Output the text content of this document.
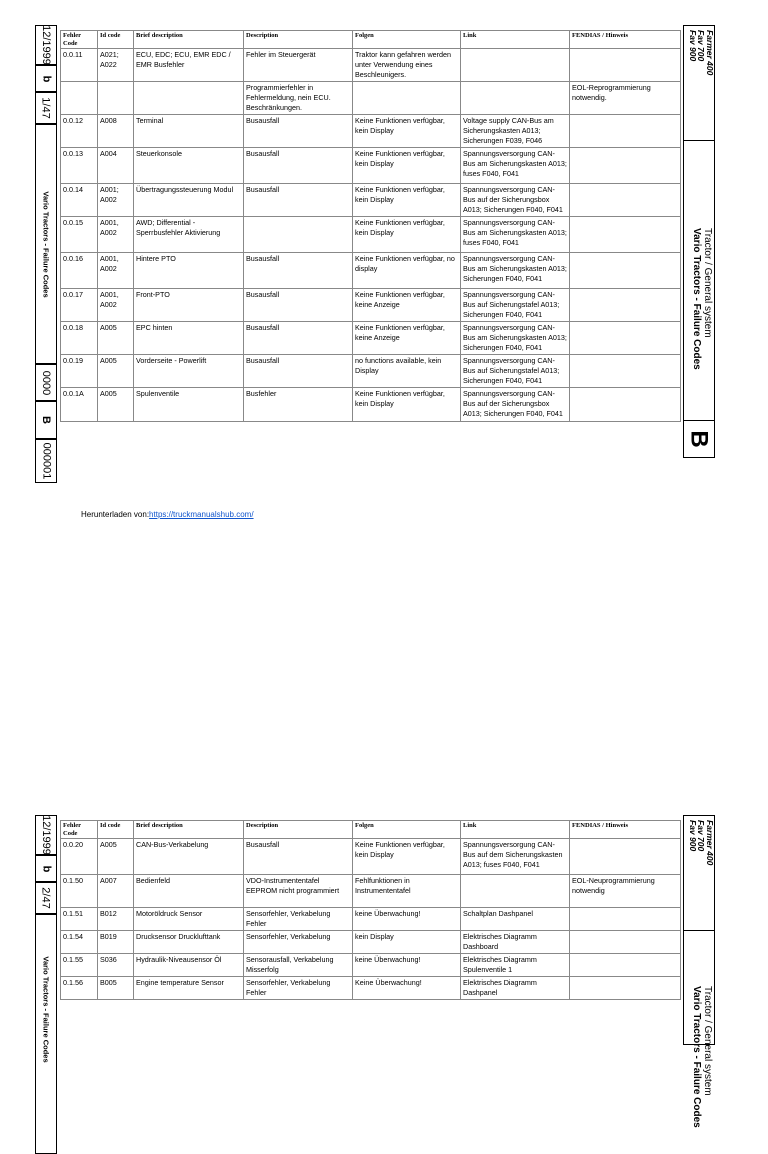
12/1999
b
1/47
Vario Tractors - Failure Codes
0000
B
000001
Fehler Code	Id code	Brief description	Description	Folgen	Link	FENDIAS / Hinweis
0.0.11	A021; A022	ECU, EDC; ECU, EMR EDC / EMR Busfehler	Fehler im Steuergerät	Traktor kann gefahren werden unter Verwendung eines Beschleunigers.		
			Programmierfehler in Fehlermeldung, nein ECU. Beschränkungen.			EOL-Reprogrammierung notwendig.
0.0.12	A008	Terminal	Busausfall	Keine Funktionen verfügbar, kein Display	Voltage supply CAN-Bus am Sicherungskasten A013; Sicherungen F039, F046	
0.0.13	A004	Steuerkonsole	Busausfall	Keine Funktionen verfügbar, kein Display	Spannungsversorgung CAN-Bus am Sicherungskasten A013; fuses F040, F041	
0.0.14	A001; A002	Übertragungssteuerung Modul	Busausfall	Keine Funktionen verfügbar, kein Display	Spannungsversorgung CAN-Bus auf der Sicherungsbox A013; Sicherungen F040, F041	
0.0.15	A001, A002	AWD; Differential - Sperrbusfehler Aktivierung		Keine Funktionen verfügbar, kein Display	Spannungsversorgung CAN-Bus am Sicherungskasten A013; fuses F040, F041	
0.0.16	A001, A002	Hintere PTO	Busausfall	Keine Funktionen verfügbar, no display	Spannungsversorgung CAN-Bus am Sicherungskasten A013; Sicherungen F040, F041	
0.0.17	A001, A002	Front-PTO	Busausfall	Keine Funktionen verfügbar, keine Anzeige	Spannungsversorgung CAN-Bus auf Sicherungstafel A013; Sicherungen F040, F041	
0.0.18	A005	EPC hinten	Busausfall	Keine Funktionen verfügbar, keine Anzeige	Spannungsversorgung CAN-Bus am Sicherungskasten A013; Sicherungen F040, F041	
0.0.19	A005	Vorderseite - Powerlift	Busausfall	no functions available, kein Display	Spannungsversorgung CAN-Bus auf Sicherungstafel A013; Sicherungen F040, F041	
0.0.1A	A005	Spulenventile	Busfehler	Keine Funktionen verfügbar, kein Display	Spannungsversorgung CAN-Bus auf der Sicherungsbox A013; Sicherungen F040, F041	
Farmer 400
Fav 700
Fav 900
Tractor / General system
Vario Tractors - Failure Codes
B
Herunterladen von:https://truckmanualshub.com/
12/1999
b
2/47
Vario Tractors - Failure Codes
Fehler Code	Id code	Brief description	Description	Folgen	Link	FENDIAS / Hinweis
0.0.20	A005	CAN-Bus-Verkabelung	Busausfall	Keine Funktionen verfügbar, kein Display	Spannungsversorgung CAN-Bus auf dem Sicherungskasten A013; fuses F040, F041	
0.1.50	A007	Bedienfeld	VDO-Instrumententafel EEPROM nicht programmiert	Fehlfunktionen in Instrumententafel		EOL-Neuprogrammierung notwendig
0.1.51	B012	Motoröldruck Sensor	Sensorfehler, Verkabelung Fehler	keine Überwachung!	Schaltplan Dashpanel	
0.1.54	B019	Drucksensor Drucklufttank	Sensorfehler, Verkabelung	kein Display	Elektrisches Diagramm Dashboard	
0.1.55	S036	Hydraulik-Niveausensor Öl	Sensorausfall, Verkabelung Misserfolg	keine Überwachung!	Elektrisches Diagramm Spulenventile 1	
0.1.56	B005	Engine temperature Sensor	Sensorfehler, Verkabelung Fehler	Keine Überwachung!	Elektrisches Diagramm Dashpanel	
Farmer 400
Fav 700
Fav 900
Tractor / General system
Vario Tractors - Failure Codes
